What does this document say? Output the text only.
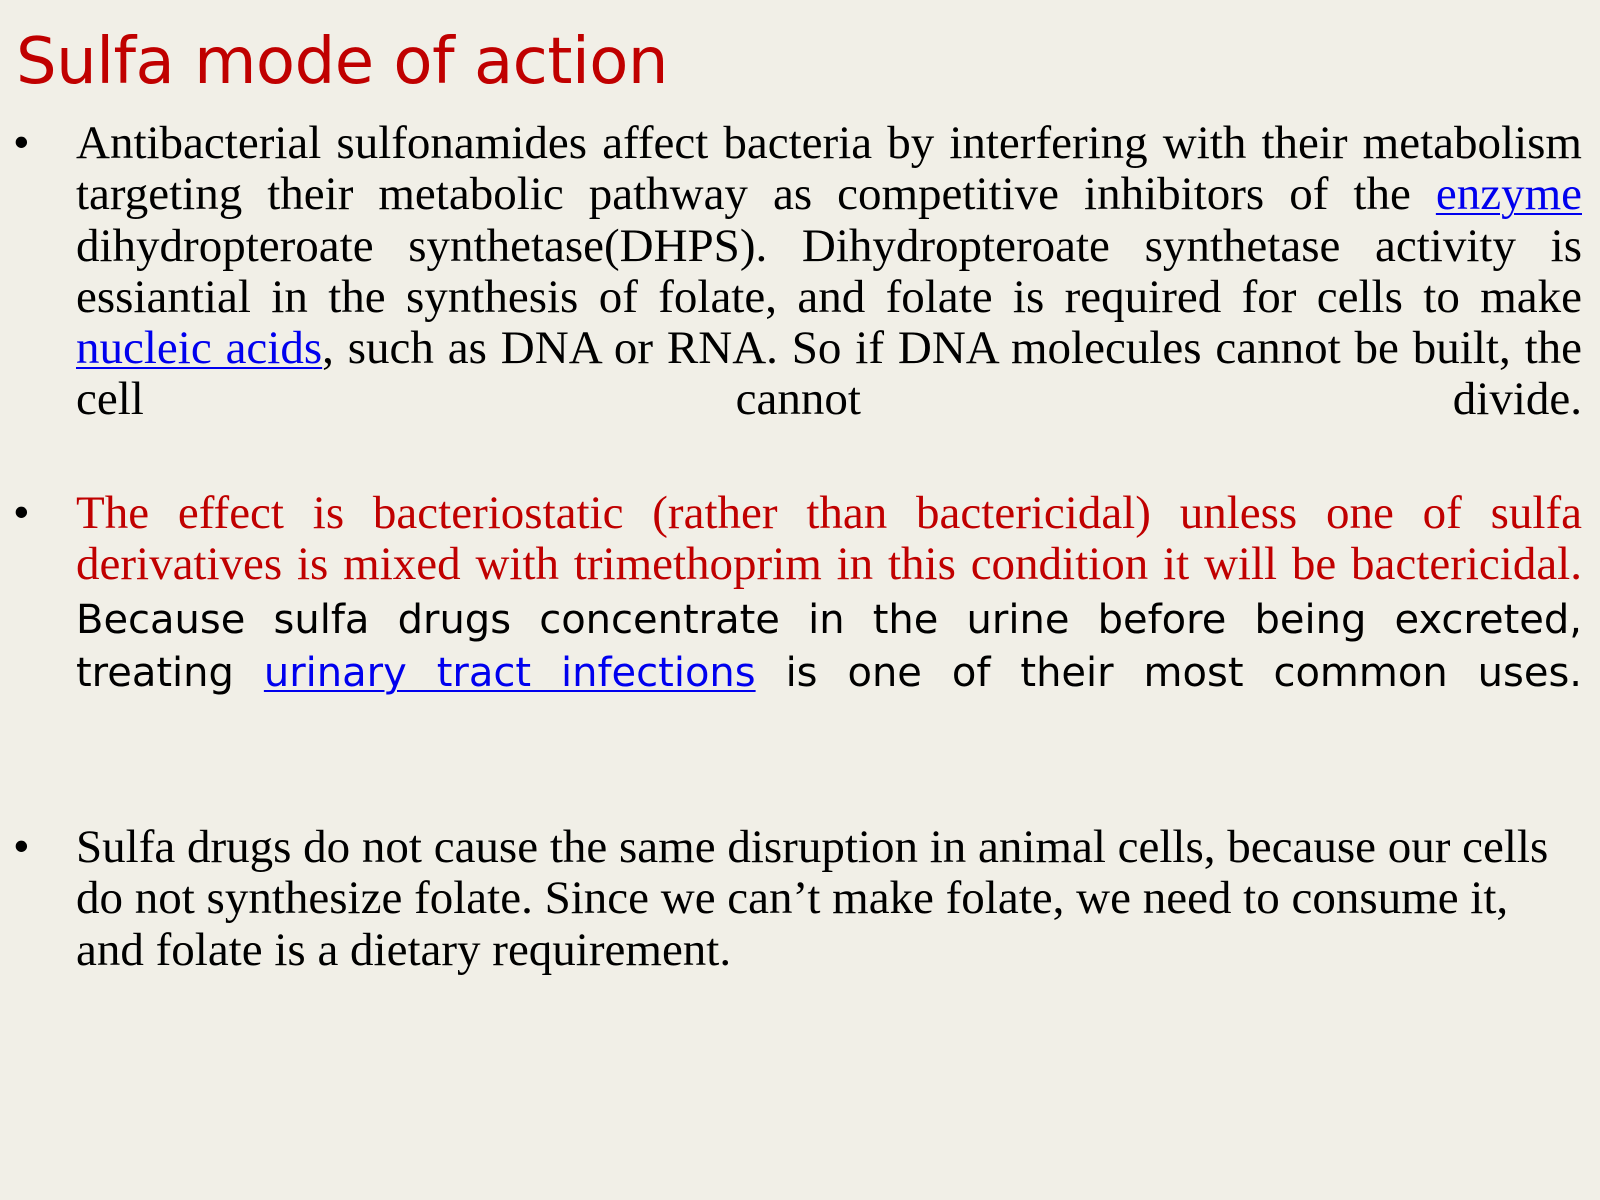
Sulfa mode of action
• Antibacterial sulfonamides affect bacteria by interfering with their metabolism targeting their metabolic pathway as competitive inhibitors of the enzyme dihydropteroate synthetase(DHPS). Dihydropteroate synthetase activity is essiantial in the synthesis of folate, and folate is required for cells to make nucleic acids, such as DNA or RNA. So if DNA molecules cannot be built, the cell cannot divide.
• The effect is bacteriostatic (rather than bactericidal) unless one of sulfa derivatives is mixed with trimethoprim in this condition it will be bactericidal. Because sulfa drugs concentrate in the urine before being excreted, treating urinary tract infections is one of their most common uses.
• Sulfa drugs do not cause the same disruption in animal cells, because our cells do not synthesize folate. Since we can’t make folate, we need to consume it, and folate is a dietary requirement.
